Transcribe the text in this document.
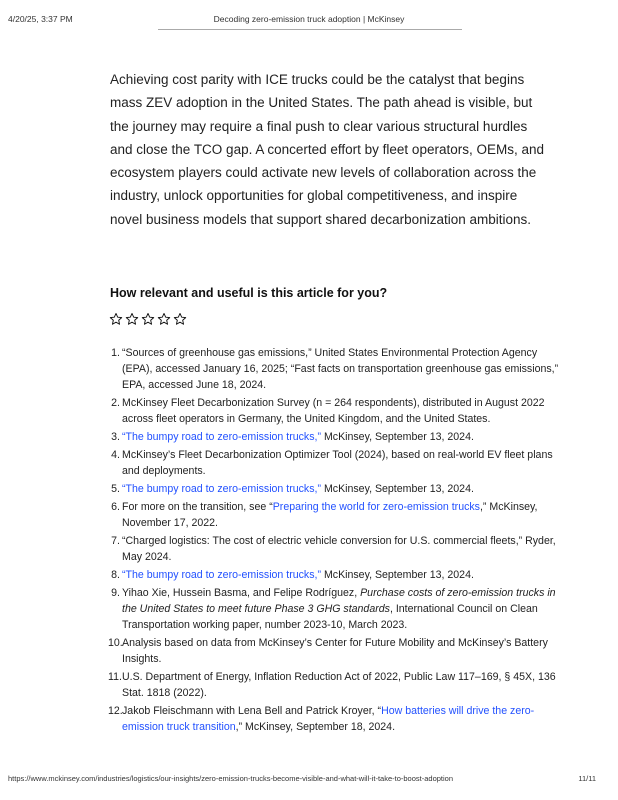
4/20/25, 3:37 PM	Decoding zero-emission truck adoption | McKinsey

Achieving cost parity with ICE trucks could be the catalyst that begins mass ZEV adoption in the United States. The path ahead is visible, but the journey may require a final push to clear various structural hurdles and close the TCO gap. A concerted effort by fleet operators, OEMs, and ecosystem players could activate new levels of collaboration across the industry, unlock opportunities for global competitiveness, and inspire novel business models that support shared decarbonization ambitions.

How relevant and useful is this article for you?

1. “Sources of greenhouse gas emissions,” United States Environmental Protection Agency (EPA), accessed January 16, 2025; “Fast facts on transportation greenhouse gas emissions,” EPA, accessed June 18, 2024.
2. McKinsey Fleet Decarbonization Survey (n = 264 respondents), distributed in August 2022 across fleet operators in Germany, the United Kingdom, and the United States.
3. “The bumpy road to zero-emission trucks,” McKinsey, September 13, 2024.
4. McKinsey’s Fleet Decarbonization Optimizer Tool (2024), based on real-world EV fleet plans and deployments.
5. “The bumpy road to zero-emission trucks,” McKinsey, September 13, 2024.
6. For more on the transition, see “Preparing the world for zero-emission trucks,” McKinsey, November 17, 2022.
7. “Charged logistics: The cost of electric vehicle conversion for U.S. commercial fleets,” Ryder, May 2024.
8. “The bumpy road to zero-emission trucks,” McKinsey, September 13, 2024.
9. Yihao Xie, Hussein Basma, and Felipe Rodríguez, Purchase costs of zero-emission trucks in the United States to meet future Phase 3 GHG standards, International Council on Clean Transportation working paper, number 2023-10, March 2023.
10. Analysis based on data from McKinsey’s Center for Future Mobility and McKinsey’s Battery Insights.
11. U.S. Department of Energy, Inflation Reduction Act of 2022, Public Law 117–169, § 45X, 136 Stat. 1818 (2022).
12. Jakob Fleischmann with Lena Bell and Patrick Kroyer, “How batteries will drive the zero-emission truck transition,” McKinsey, September 18, 2024.
https://www.mckinsey.com/industries/logistics/our-insights/zero-emission-trucks-become-visible-and-what-will-it-take-to-boost-adoption	11/11
